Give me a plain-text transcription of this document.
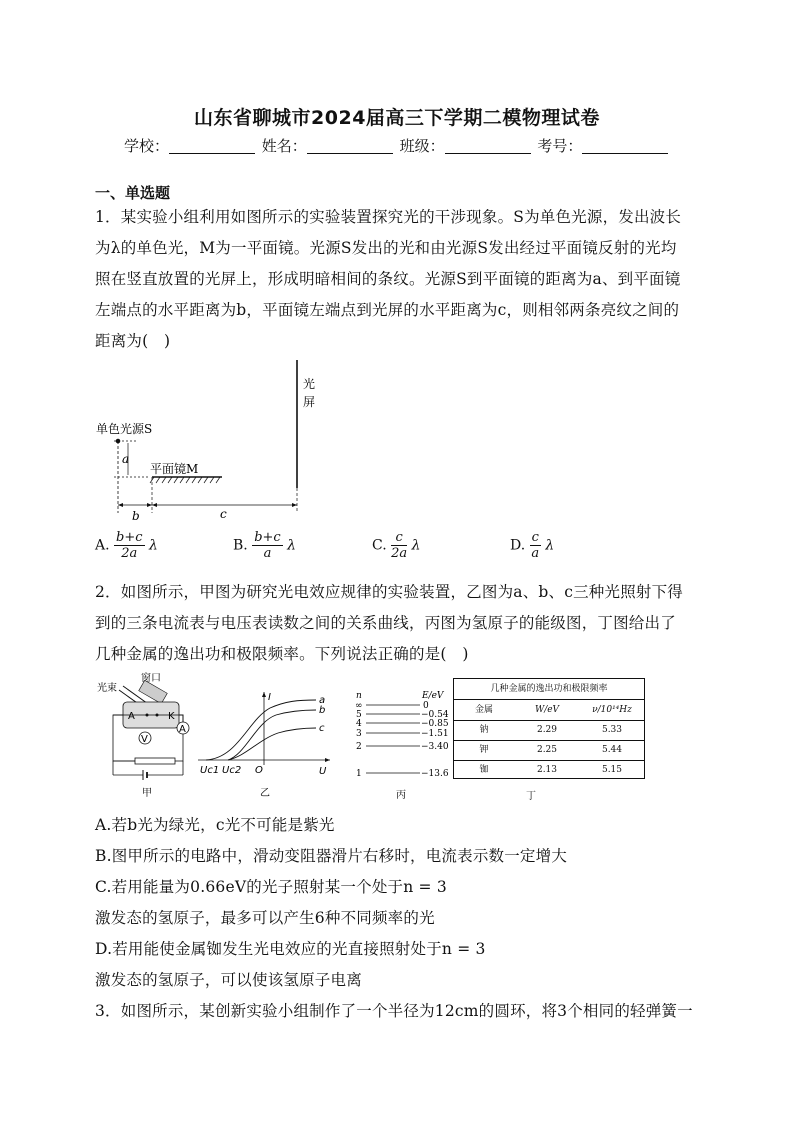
山东省聊城市2024届高三下学期二模物理试卷
学校：	姓名：	班级：	考号：
一、单选题
1．某实验小组利用如图所示的实验装置探究光的干涉现象。S为单色光源，发出波长
为λ的单色光，M为一平面镜。光源S发出的光和由光源S发出经过平面镜反射的光均
照在竖直放置的光屏上，形成明暗相间的条纹。光源S到平面镜的距离为a、到平面镜
左端点的水平距离为b，平面镜左端点到光屏的水平距离为c，则相邻两条亮纹之间的
距离为(　)
光
屏
单色光源S
a
平面镜M
b	c
A. $\frac{b+c}{2a}$ λ	B. $\frac{b+c}{a}$ λ	C. $\frac{c}{2a}$ λ	D. $\frac{c}{a}$ λ
2．如图所示，甲图为研究光电效应规律的实验装置，乙图为a、b、c三种光照射下得
到的三条电流表与电压表读数之间的关系曲线，丙图为氢原子的能级图，丁图给出了
几种金属的逸出功和极限频率。下列说法正确的是(　)
光束
窗口
A	K
V
A
甲
I
U
O
Uc1 Uc2
a
b
c
乙
n	E/eV
∞	0
5	−0.54
4	−0.85
3	−1.51
2	−3.40
1	−13.6
丙
几种金属的逸出功和极限频率
金属	W/eV	ν/10¹⁴Hz
钠	2.29	5.33
钾	2.25	5.44
铷	2.13	5.15
丁
A.若b光为绿光，c光不可能是紫光
B.图甲所示的电路中，滑动变阻器滑片右移时，电流表示数一定增大
C.若用能量为0.66eV的光子照射某一个处于n = 3
激发态的氢原子，最多可以产生6种不同频率的光
D.若用能使金属铷发生光电效应的光直接照射处于n = 3
激发态的氢原子，可以使该氢原子电离
3．如图所示，某创新实验小组制作了一个半径为12cm的圆环，将3个相同的轻弹簧一
